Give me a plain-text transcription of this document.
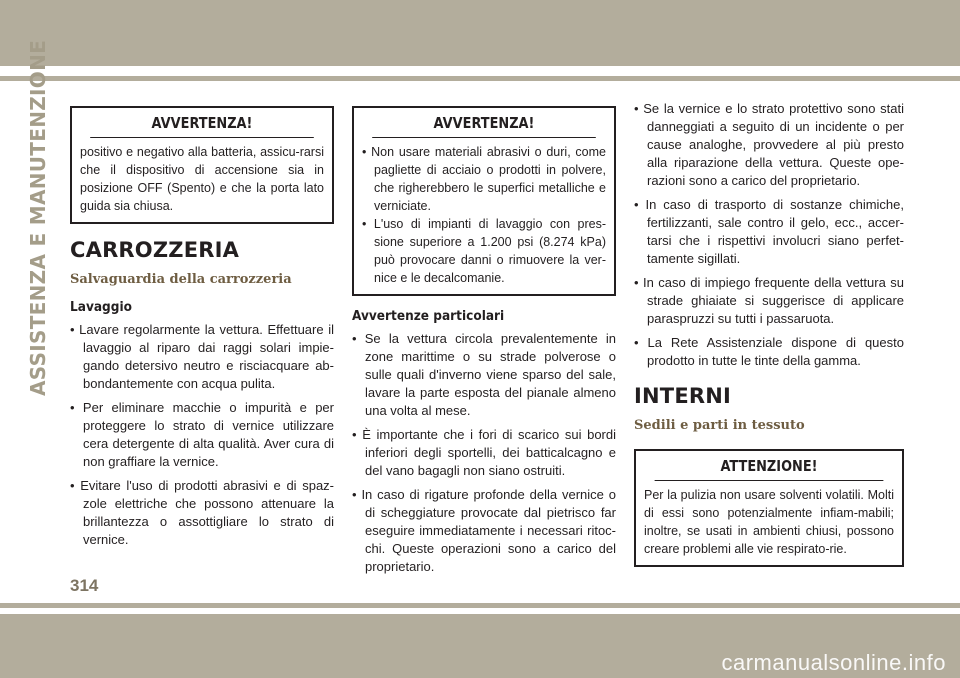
carmanualsonline.info
ASSISTENZA E MANUTENZIONE
314
AVVERTENZA!
positivo e negativo alla batteria, assicu-rarsi che il dispositivo di accensione sia in posizione OFF (Spento) e che la porta lato guida sia chiusa.
CARROZZERIA
Salvaguardia della carrozzeria
Lavaggio
• Lavare regolarmente la vettura. Effettuare il lavaggio al riparo dai raggi solari impie-gando detersivo neutro e risciacquare ab-bondantemente con acqua pulita.
• Per eliminare macchie o impurità e per proteggere lo strato di vernice utilizzare cera detergente di alta qualità. Aver cura di non graffiare la vernice.
• Evitare l'uso di prodotti abrasivi e di spaz-zole elettriche che possono attenuare la brillantezza o assottigliare lo strato di vernice.
AVVERTENZA!
• Non usare materiali abrasivi o duri, come pagliette di acciaio o prodotti in polvere, che righerebbero le superfici metalliche e verniciate.
• L'uso di impianti di lavaggio con pres-sione superiore a 1.200 psi (8.274 kPa) può provocare danni o rimuovere la ver-nice e le decalcomanie.
Avvertenze particolari
• Se la vettura circola prevalentemente in zone marittime o su strade polverose o sulle quali d'inverno viene sparso del sale, lavare la parte esposta del pianale almeno una volta al mese.
• È importante che i fori di scarico sui bordi inferiori degli sportelli, dei batticalcagno e del vano bagagli non siano ostruiti.
• In caso di rigature profonde della vernice o di scheggiature provocate dal pietrisco far eseguire immediatamente i necessari ritoc-chi. Queste operazioni sono a carico del proprietario.
• Se la vernice e lo strato protettivo sono stati danneggiati a seguito di un incidente o per cause analoghe, provvedere al più presto alla riparazione della vettura. Queste ope-razioni sono a carico del proprietario.
• In caso di trasporto di sostanze chimiche, fertilizzanti, sale contro il gelo, ecc., accer-tarsi che i rispettivi involucri siano perfet-tamente sigillati.
• In caso di impiego frequente della vettura su strade ghiaiate si suggerisce di applicare paraspruzzi su tutti i passaruota.
• La Rete Assistenziale dispone di questo prodotto in tutte le tinte della gamma.
INTERNI
Sedili e parti in tessuto
ATTENZIONE!
Per la pulizia non usare solventi volatili. Molti di essi sono potenzialmente infiam-mabili; inoltre, se usati in ambienti chiusi, possono creare problemi alle vie respirato-rie.
